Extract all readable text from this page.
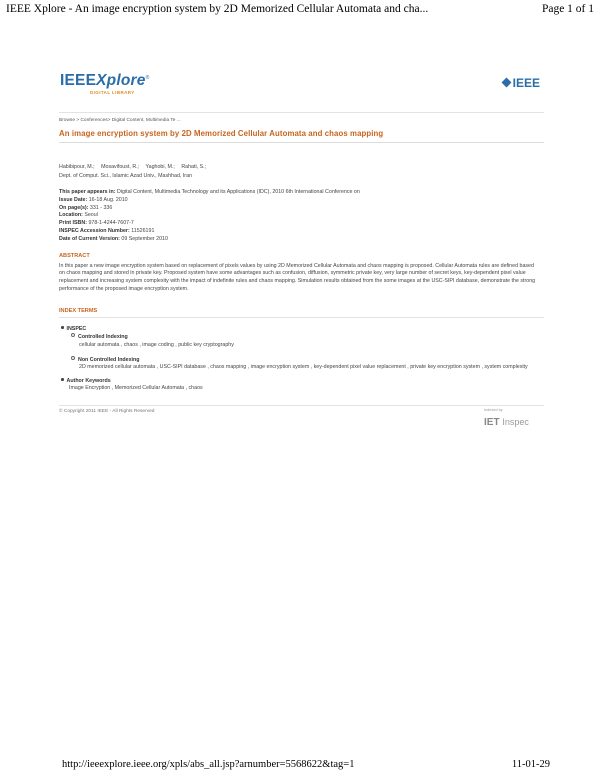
IEEE Xplore - An image encryption system by 2D Memorized Cellular Automata and cha...	Page 1 of 1
IEEEXplore®
DIGITAL LIBRARY
IEEE
Browse > Conferences> Digital Content, Multimedia Te ...
An image encryption system by 2D Memorized Cellular Automata and chaos mapping
Habibipour, M.; Mosavifoust, R.; Yaghobi, M.; Rahati, S.;
Dept. of Comput. Sci., Islamic Azad Univ., Mashhad, Iran
This paper appears in: Digital Content, Multimedia Technology and its Applications (IDC), 2010 6th International Conference on
Issue Date: 16-18 Aug. 2010
On page(s): 331 - 336
Location: Seoul
Print ISBN: 978-1-4244-7607-7
INSPEC Accession Number: 11526191
Date of Current Version: 09 September 2010
ABSTRACT
In this paper a new image encryption system based on replacement of pixels values by using 2D Memorized Cellular Automata and chaos mapping is proposed. Cellular Automata rules are defined based on chaos mapping and stored in private key. Proposed system have some advantages such as confusion, diffusion, symmetric private key, very large number of secret keys, key-dependent pixel value replacement and increasing system complexity with the impact of indefinite rules and chaos mapping. Simulation results obtained from the some images at the USC-SIPI database, demonstrate the strong performance of the proposed image encryption system.
INDEX TERMS
INSPEC
Controlled Indexing
cellular automata , chaos , image coding , public key cryptography
Non Controlled Indexing
2D memorized cellular automata , USC-SIPI database , chaos mapping , image encryption system , key-dependent pixel value replacement , private key encryption system , system complexity
Author Keywords
Image Encryption , Memorized Cellular Automata , chaos
© Copyright 2011 IEEE - All Rights Reserved	Indexed by
IET Inspec
http://ieeexplore.ieee.org/xpls/abs_all.jsp?arnumber=5568622&tag=1	11-01-29
